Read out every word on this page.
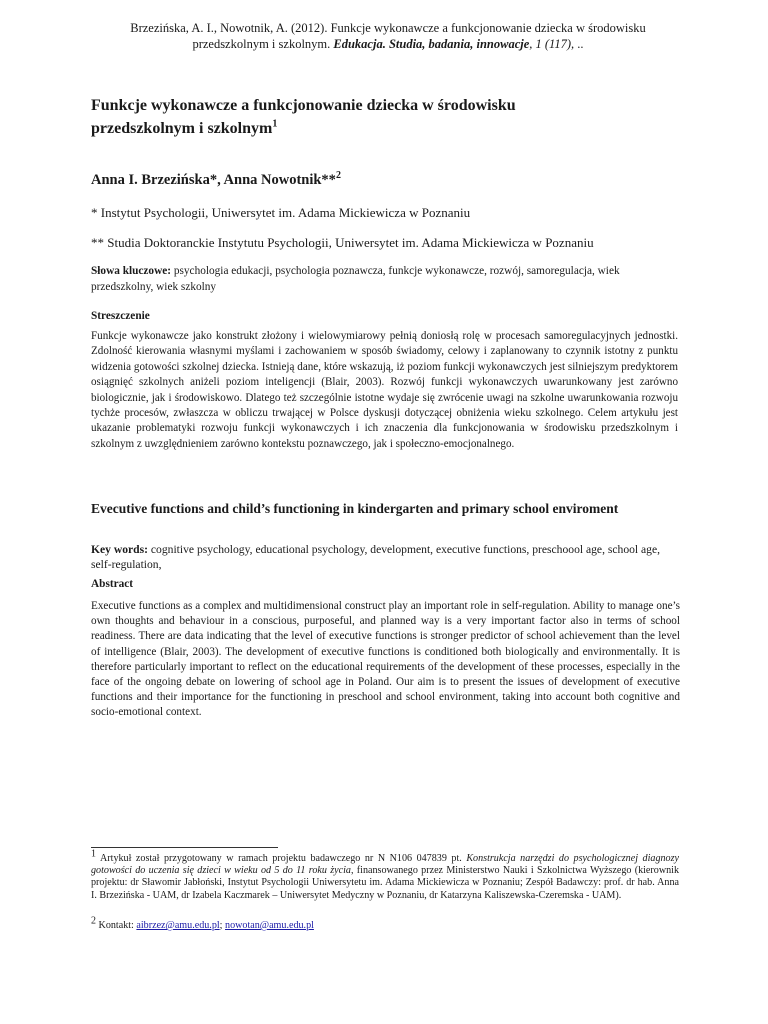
Brzezińska, A. I., Nowotnik, A. (2012). Funkcje wykonawcze a funkcjonowanie dziecka w środowisku
przedszkolnym i szkolnym. Edukacja. Studia, badania, innowacje, 1 (117), ..
Funkcje wykonawcze a funkcjonowanie dziecka w środowisku
przedszkolnym i szkolnym$^1$
Anna I. Brzezińska*, Anna Nowotnik**$^2$
* Instytut Psychologii, Uniwersytet im. Adama Mickiewicza w Poznaniu
** Studia Doktoranckie Instytutu Psychologii, Uniwersytet im. Adama Mickiewicza w Poznaniu
Słowa kluczowe: psychologia edukacji, psychologia poznawcza, funkcje wykonawcze, rozwój, samoregulacja, wiek przedszkolny, wiek szkolny
Streszczenie
Funkcje wykonawcze jako konstrukt złożony i wielowymiarowy pełnią doniosłą rolę w procesach samoregulacyjnych jednostki. Zdolność kierowania własnymi myślami i zachowaniem w sposób świadomy, celowy i zaplanowany to czynnik istotny z punktu widzenia gotowości szkolnej dziecka. Istnieją dane, które wskazują, iż poziom funkcji wykonawczych jest silniejszym predyktorem osiągnięć szkolnych aniżeli poziom inteligencji (Blair, 2003). Rozwój funkcji wykonawczych uwarunkowany jest zarówno biologicznie, jak i środowiskowo. Dlatego też szczególnie istotne wydaje się zwrócenie uwagi na szkolne uwarunkowania rozwoju tychże procesów, zwłaszcza w obliczu trwającej w Polsce dyskusji dotyczącej obniżenia wieku szkolnego. Celem artykułu jest ukazanie problematyki rozwoju funkcji wykonawczych i ich znaczenia dla funkcjonowania w środowisku przedszkolnym i szkolnym z uwzględnieniem zarówno kontekstu poznawczego, jak i społeczno-emocjonalnego.
Evecutive functions and child’s functioning in kindergarten and primary school enviroment
Key words: cognitive psychology, educational psychology, development, executive functions, preschoool age, school age, self-regulation,
Abstract
Executive functions as a complex and multidimensional construct play an important role in self-regulation. Ability to manage one’s own thoughts and behaviour in a conscious, purposeful, and planned way is a very important factor also in terms of school readiness. There are data indicating that the level of executive functions is stronger predictor of school achievement than the level of intelligence (Blair, 2003). The development of executive functions is conditioned both biologically and environmentally. It is therefore particularly important to reflect on the educational requirements of the development of these processes, especially in the face of the ongoing debate on lowering of school age in Poland. Our aim is to present the issues of development of executive functions and their importance for the functioning in preschool and school environment, taking into account both cognitive and socio-emotional context.
$^1$ Artykuł został przygotowany w ramach projektu badawczego nr N N106 047839 pt. Konstrukcja narzędzi do psychologicznej diagnozy gotowości do uczenia się dzieci w wieku od 5 do 11 roku życia, finansowanego przez Ministerstwo Nauki i Szkolnictwa Wyższego (kierownik projektu: dr Sławomir Jabłoński, Instytut Psychologii Uniwersytetu im. Adama Mickiewicza w Poznaniu; Zespół Badawczy: prof. dr hab. Anna I. Brzezińska - UAM, dr Izabela Kaczmarek – Uniwersytet Medyczny w Poznaniu, dr Katarzyna Kaliszewska-Czeremska - UAM).
$^2$ Kontakt: aibrzez@amu.edu.pl; nowotan@amu.edu.pl
